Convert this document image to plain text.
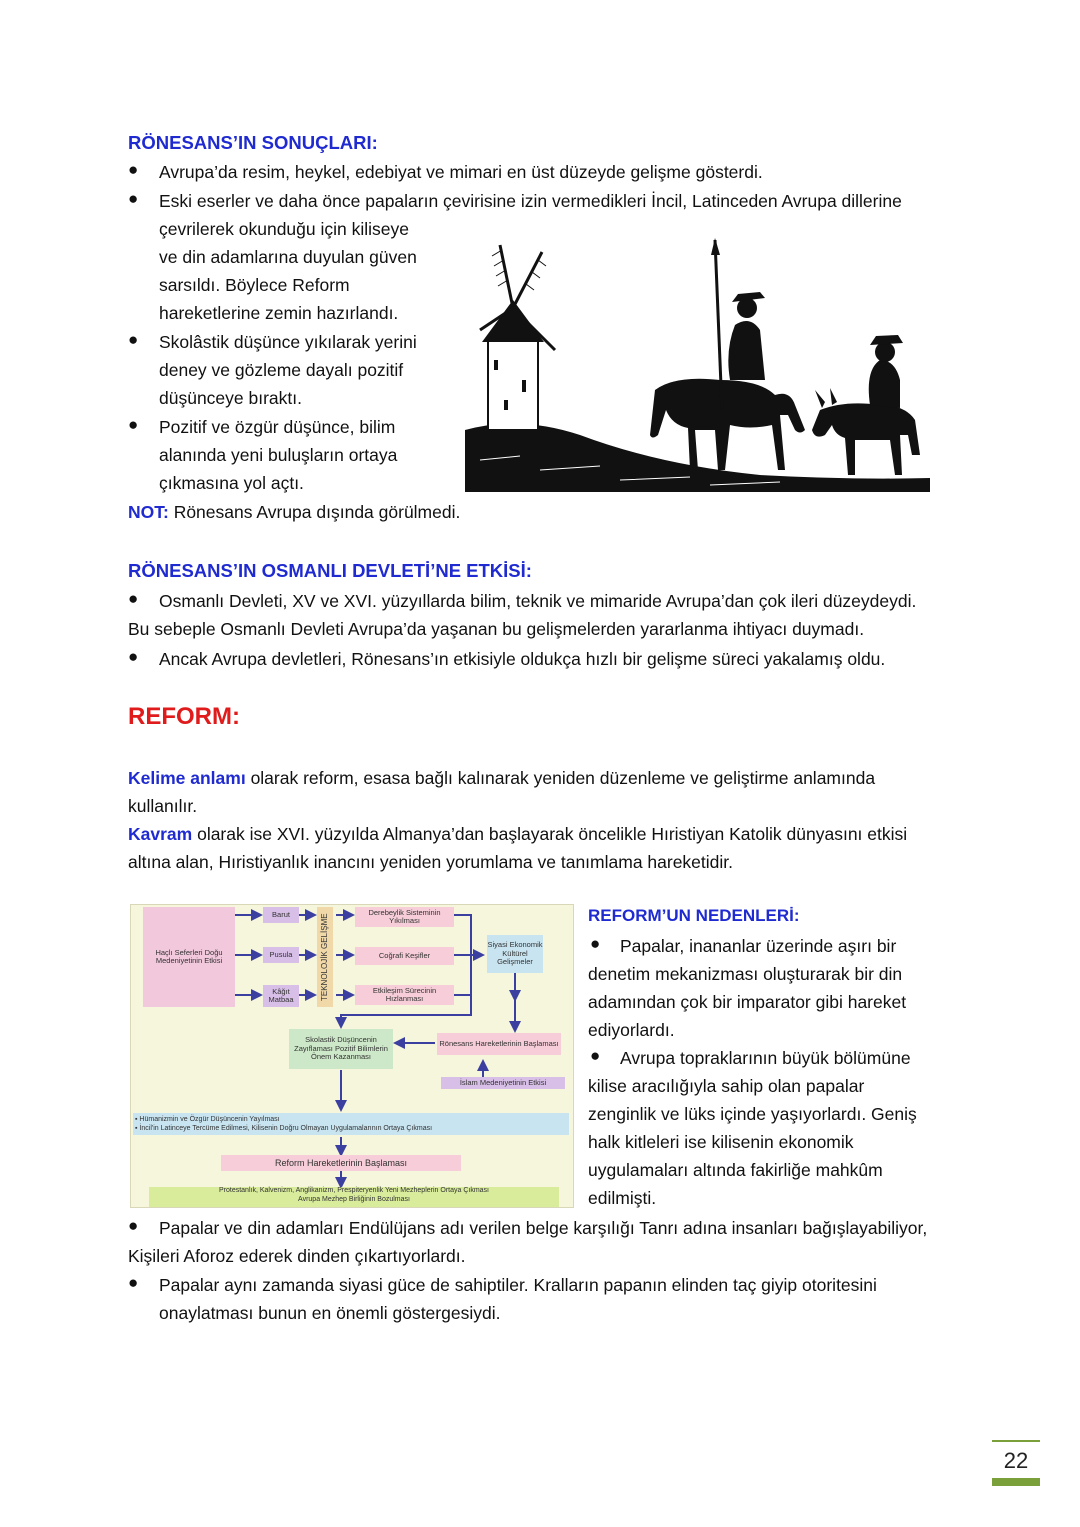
RÖNESANS’IN SONUÇLARI:
● Avrupa’da resim, heykel, edebiyat ve mimari en üst düzeyde gelişme gösterdi.
● Eski eserler ve daha önce papaların çevirisine izin vermedikleri İncil, Latinceden Avrupa dillerine
çevrilerek okunduğu için kiliseye
ve din adamlarına duyulan güven
sarsıldı. Böylece Reform
hareketlerine zemin hazırlandı.
● Skolâstik düşünce yıkılarak yerini
deney ve gözleme dayalı pozitif
düşünceye bıraktı.
● Pozitif ve özgür düşünce, bilim
alanında yeni buluşların ortaya
çıkmasına yol açtı.
NOT: Rönesans Avrupa dışında görülmedi.
RÖNESANS’IN OSMANLI DEVLETİ’NE ETKİSİ:
● Osmanlı Devleti, XV ve XVI. yüzyıllarda bilim, teknik ve mimaride Avrupa’dan çok ileri düzeydeydi.
Bu sebeple Osmanlı Devleti Avrupa’da yaşanan bu gelişmelerden yararlanma ihtiyacı duymadı.
● Ancak Avrupa devletleri, Rönesans’ın etkisiyle oldukça hızlı bir gelişme süreci yakalamış oldu.
REFORM:
Kelime anlamı olarak reform, esasa bağlı kalınarak yeniden düzenleme ve geliştirme anlamında
kullanılır.
Kavram olarak ise XVI. yüzyılda Almanya’dan başlayarak öncelikle Hıristiyan Katolik dünyasını etkisi
altına alan, Hıristiyanlık inancını yeniden yorumlama ve tanımlama hareketidir.
Haçlı Seferleri Doğu Medeniyetinin Etkisi
Barut
Pusula
Kâğıt Matbaa	TEKNOLOJİK GELİŞME
Derebeylik Sisteminin Yıkılması
Coğrafi Keşifler
Etkileşim Sürecinin Hızlanması
Siyasi Ekonomik Kültürel Gelişmeler
Skolastik Düşüncenin Zayıflaması Pozitif Bilimlerin Önem Kazanması
Rönesans Hareketlerinin Başlaması
İslam Medeniyetinin Etkisi
▪ Hümanizmin ve Özgür Düşüncenin Yayılması
▪ İncil'in Latinceye Tercüme Edilmesi, Kilisenin Doğru Olmayan Uygulamalarının Ortaya Çıkması
Reform Hareketlerinin Başlaması
Protestanlık, Kalvenizm, Anglikanizm, Prespiteryenlik Yeni Mezheplerin Ortaya Çıkması
Avrupa Mezhep Birliğinin Bozulması
REFORM’UN NEDENLERİ:
● Papalar, inananlar üzerinde aşırı bir
denetim mekanizması oluşturarak bir din
adamından çok bir imparator gibi hareket
ediyorlardı.
● Avrupa topraklarının büyük bölümüne
kilise aracılığıyla sahip olan papalar
zenginlik ve lüks içinde yaşıyorlardı. Geniş
halk kitleleri ise kilisenin ekonomik
uygulamaları altında fakirliğe mahkûm
edilmişti.
● Papalar ve din adamları Endülüjans adı verilen belge karşılığı Tanrı adına insanları bağışlayabiliyor,
Kişileri Aforoz ederek dinden çıkartıyorlardı.
● Papalar aynı zamanda siyasi güce de sahiptiler. Kralların papanın elinden taç giyip otoritesini
onaylatması bunun en önemli göstergesiydi.
22
